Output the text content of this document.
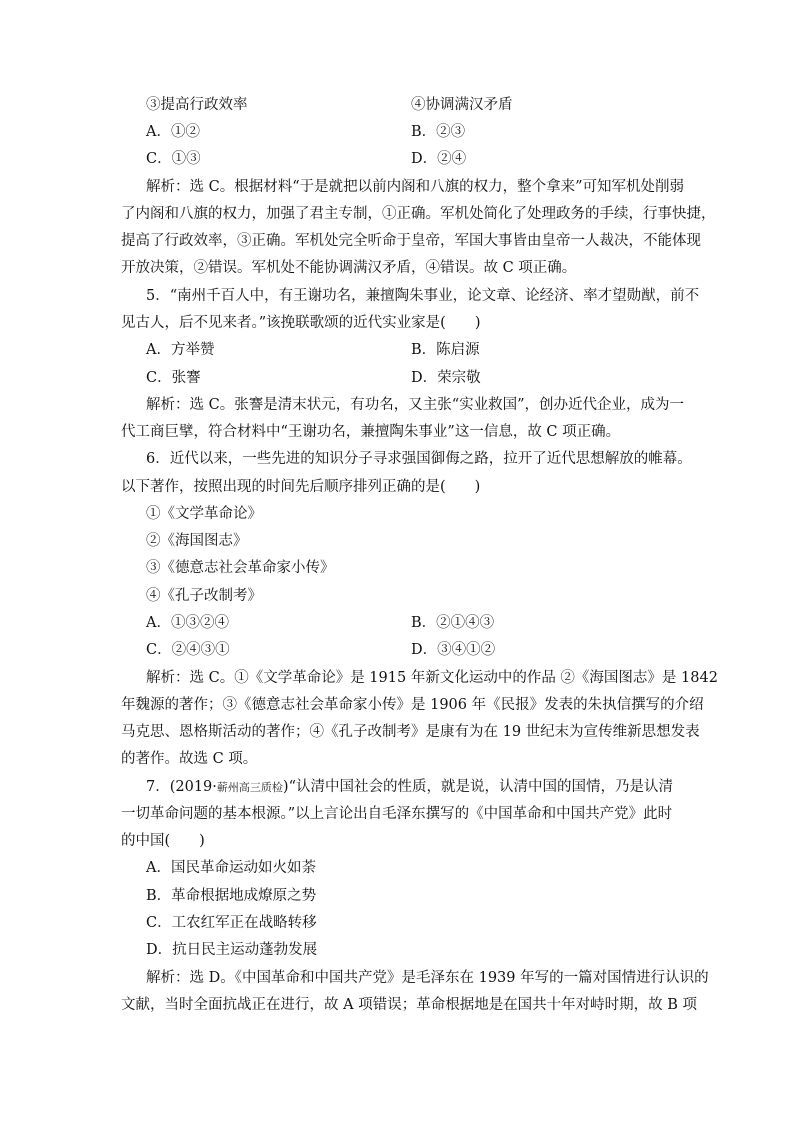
③提高行政效率	④协调满汉矛盾
A．①②	B．②③
C．①③	D．②④
解析：选 C。根据材料“于是就把以前内阁和八旗的权力，整个拿来”可知军机处削弱
了内阁和八旗的权力，加强了君主专制，①正确。军机处简化了处理政务的手续，行事快捷，
提高了行政效率，③正确。军机处完全听命于皇帝，军国大事皆由皇帝一人裁决，不能体现
开放决策，②错误。军机处不能协调满汉矛盾，④错误。故 C 项正确。
5．“南州千百人中，有王谢功名，兼擅陶朱事业，论文章、论经济、率才望勋猷，前不
见古人，后不见来者。”该挽联歌颂的近代实业家是(　　)
A．方举赞	B．陈启源
C．张謇	D．荣宗敬
解析：选 C。张謇是清末状元，有功名，又主张“实业救国”，创办近代企业，成为一
代工商巨擘，符合材料中“王谢功名，兼擅陶朱事业”这一信息，故 C 项正确。
6．近代以来，一些先进的知识分子寻求强国御侮之路，拉开了近代思想解放的帷幕。
以下著作，按照出现的时间先后顺序排列正确的是(　　)
①《文学革命论》
②《海国图志》
③《德意志社会革命家小传》
④《孔子改制考》
A．①③②④	B．②①④③
C．②④③①	D．③④①②
解析：选 C。①《文学革命论》是 1915 年新文化运动中的作品 ②《海国图志》是 1842
年魏源的著作；③《德意志社会革命家小传》是 1906 年《民报》发表的朱执信撰写的介绍
马克思、恩格斯活动的著作；④《孔子改制考》是康有为在 19 世纪末为宣传维新思想发表
的著作。故选 C 项。
7．(2019·蕲州高三质检)“认清中国社会的性质，就是说，认清中国的国情，乃是认清
一切革命问题的基本根源。”以上言论出自毛泽东撰写的《中国革命和中国共产党》此时
的中国(　　)
A．国民革命运动如火如荼
B．革命根据地成燎原之势
C．工农红军正在战略转移
D．抗日民主运动蓬勃发展
解析：选 D。《中国革命和中国共产党》是毛泽东在 1939 年写的一篇对国情进行认识的
文献，当时全面抗战正在进行，故 A 项错误；革命根据地是在国共十年对峙时期，故 B 项
